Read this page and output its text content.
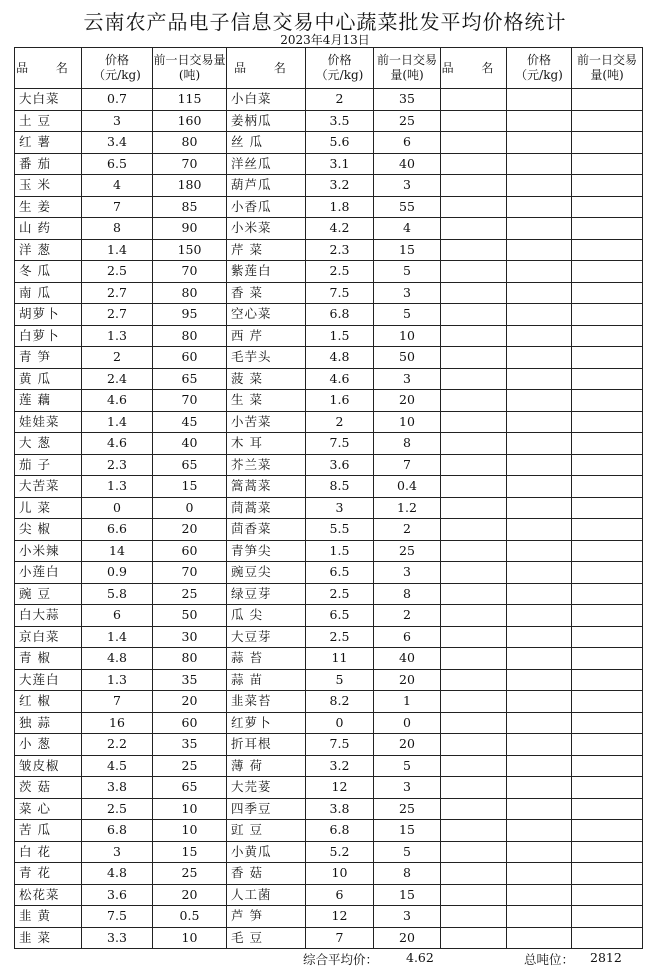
云南农产品电子信息交易中心蔬菜批发平均价格统计
2023年4月13日
品 名	价格（元/kg)	前一日交易量(吨)	品 名	价格（元/kg)	前一日交易量(吨)	品 名	价格（元/kg)	前一日交易量(吨)
大白菜	0.7	115	小白菜	2	35			
土 豆	3	160	姜柄瓜	3.5	25			
红 薯	3.4	80	丝 瓜	5.6	6			
番 茄	6.5	70	洋丝瓜	3.1	40			
玉 米	4	180	葫芦瓜	3.2	3			
生 姜	7	85	小香瓜	1.8	55			
山 药	8	90	小米菜	4.2	4			
洋 葱	1.4	150	芹 菜	2.3	15			
冬 瓜	2.5	70	紫莲白	2.5	5			
南 瓜	2.7	80	香 菜	7.5	3			
胡萝卜	2.7	95	空心菜	6.8	5			
白萝卜	1.3	80	西 芹	1.5	10			
青 笋	2	60	毛芋头	4.8	50			
黄 瓜	2.4	65	菠 菜	4.6	3			
莲 藕	4.6	70	生 菜	1.6	20			
娃娃菜	1.4	45	小苦菜	2	10			
大 葱	4.6	40	木 耳	7.5	8			
茄 子	2.3	65	芥兰菜	3.6	7			
大苦菜	1.3	15	篙蒿菜	8.5	0.4			
儿 菜	0	0	茼蒿菜	3	1.2			
尖 椒	6.6	20	茴香菜	5.5	2			
小米辣	14	60	青笋尖	1.5	25			
小莲白	0.9	70	豌豆尖	6.5	3			
豌 豆	5.8	25	绿豆芽	2.5	8			
白大蒜	6	50	瓜 尖	6.5	2			
京白菜	1.4	30	大豆芽	2.5	6			
青 椒	4.8	80	蒜 苔	11	40			
大莲白	1.3	35	蒜 苗	5	20			
红 椒	7	20	韭菜苔	8.2	1			
独 蒜	16	60	红萝卜	0	0			
小 葱	2.2	35	折耳根	7.5	20			
皱皮椒	4.5	25	薄 荷	3.2	5			
茨 菇	3.8	65	大芫荽	12	3			
菜 心	2.5	10	四季豆	3.8	25			
苦 瓜	6.8	10	豇 豆	6.8	15			
白 花	3	15	小黄瓜	5.2	5			
青 花	4.8	25	香 菇	10	8			
松花菜	3.6	20	人工菌	6	15			
韭 黄	7.5	0.5	芦 笋	12	3			
韭 菜	3.3	10	毛 豆	7	20			
综合平均价： 4.62	总吨位： 2812
